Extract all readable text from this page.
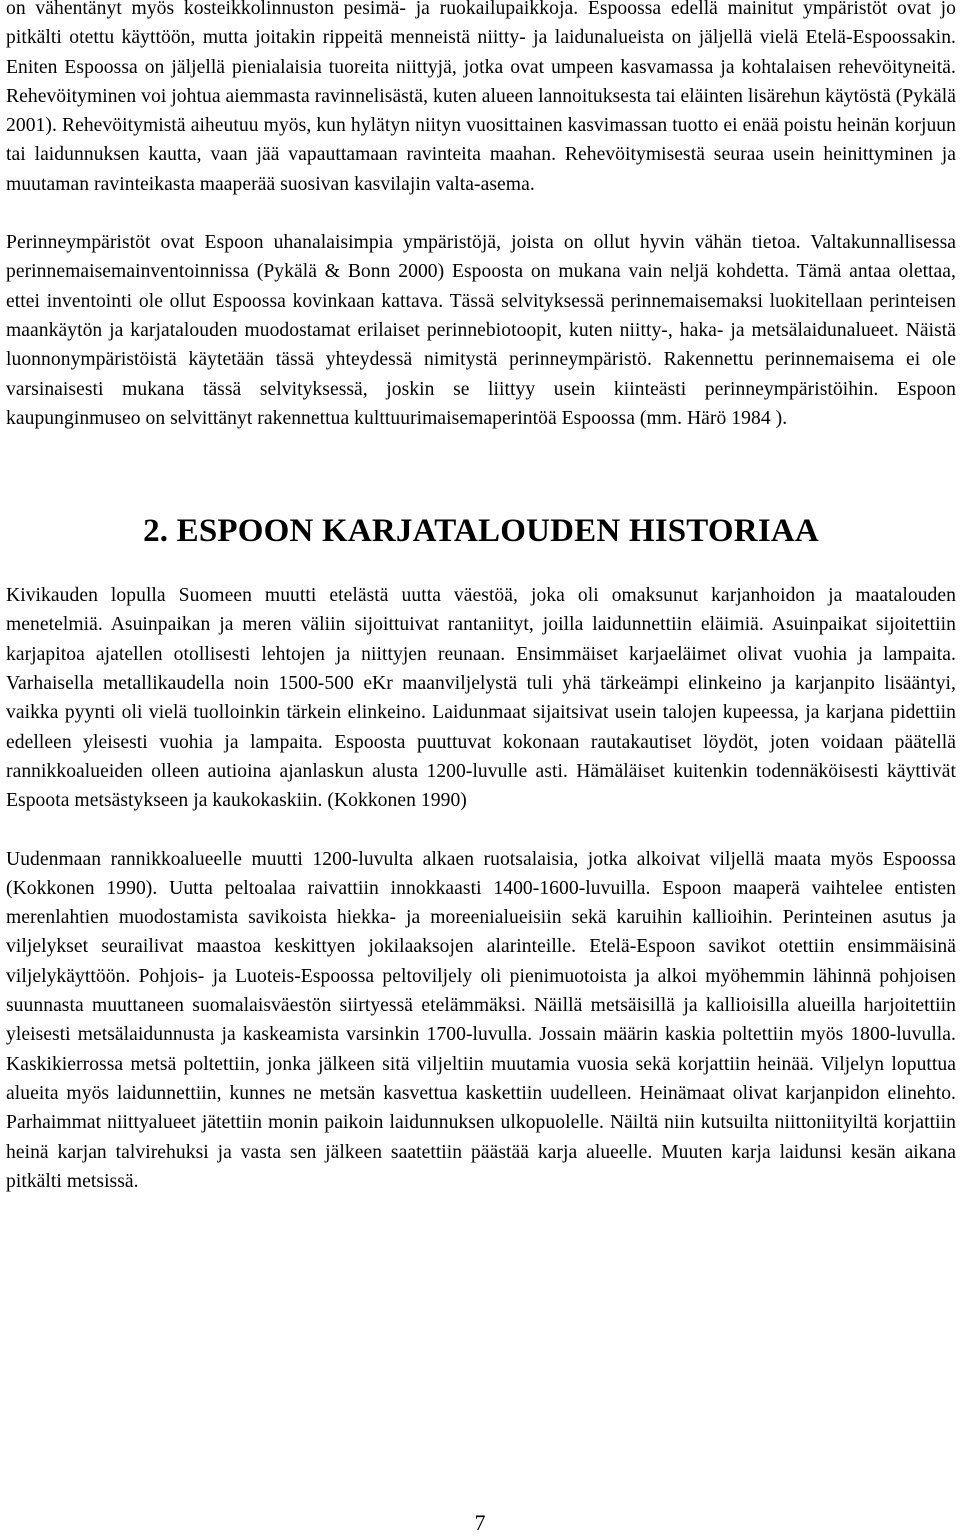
on vähentänyt myös kosteikkolinnuston pesimä- ja ruokailupaikkoja. Espoossa edellä mainitut ympäristöt ovat jo pitkälti otettu käyttöön, mutta joitakin rippeitä menneistä niitty- ja laidunalueista on jäljellä vielä Etelä-Espoossakin. Eniten Espoossa on jäljellä pienialaisia tuoreita niittyjä, jotka ovat umpeen kasvamassa ja kohtalaisen rehevöityneitä. Rehevöityminen voi johtua aiemmasta ravinnelisästä, kuten alueen lannoituksesta tai eläinten lisärehun käytöstä (Pykälä 2001). Rehevöitymistä aiheutuu myös, kun hylätyn niityn vuosittainen kasvimassan tuotto ei enää poistu heinän korjuun tai laidunnuksen kautta, vaan jää vapauttamaan ravinteita maahan. Rehevöitymisestä seuraa usein heinittyminen ja muutaman ravinteikasta maaperää suosivan kasvilajin valta-asema.

Perinneympäristöt ovat Espoon uhanalaisimpia ympäristöjä, joista on ollut hyvin vähän tietoa. Valtakunnallisessa perinnemaisemainventoinnissa (Pykälä & Bonn 2000) Espoosta on mukana vain neljä kohdetta. Tämä antaa olettaa, ettei inventointi ole ollut Espoossa kovinkaan kattava. Tässä selvityksessä perinnemaisemaksi luokitellaan perinteisen maankäytön ja karjatalouden muodostamat erilaiset perinnebiotoopit, kuten niitty-, haka- ja metsälaidunalueet. Näistä luonnonympäristöistä käytetään tässä yhteydessä nimitystä perinneympäristö. Rakennettu perinnemaisema ei ole varsinaisesti mukana tässä selvityksessä, joskin se liittyy usein kiinteästi perinneympäristöihin. Espoon kaupunginmuseo on selvittänyt rakennettua kulttuurimaisemaperintöä Espoossa (mm. Härö 1984 ).

2. ESPOON KARJATALOUDEN HISTORIAA

Kivikauden lopulla Suomeen muutti etelästä uutta väestöä, joka oli omaksunut karjanhoidon ja maatalouden menetelmiä. Asuinpaikan ja meren väliin sijoittuivat rantaniityt, joilla laidunnettiin eläimiä. Asuinpaikat sijoitettiin karjapitoa ajatellen otollisesti lehtojen ja niittyjen reunaan. Ensimmäiset karjaeläimet olivat vuohia ja lampaita. Varhaisella metallikaudella noin 1500-500 eKr maanviljelystä tuli yhä tärkeämpi elinkeino ja karjanpito lisääntyi, vaikka pyynti oli vielä tuolloinkin tärkein elinkeino. Laidunmaat sijaitsivat usein talojen kupeessa, ja karjana pidettiin edelleen yleisesti vuohia ja lampaita. Espoosta puuttuvat kokonaan rautakautiset löydöt, joten voidaan päätellä rannikkoalueiden olleen autioina ajanlaskun alusta 1200-luvulle asti. Hämäläiset kuitenkin todennäköisesti käyttivät Espoota metsästykseen ja kaukokaskiin. (Kokkonen 1990)

Uudenmaan rannikkoalueelle muutti 1200-luvulta alkaen ruotsalaisia, jotka alkoivat viljellä maata myös Espoossa (Kokkonen 1990). Uutta peltoalaa raivattiin innokkaasti 1400-1600-luvuilla. Espoon maaperä vaihtelee entisten merenlahtien muodostamista savikoista hiekka- ja moreenialueisiin sekä karuihin kallioihin. Perinteinen asutus ja viljelykset seurailivat maastoa keskittyen jokilaaksojen alarinteille. Etelä-Espoon savikot otettiin ensimmäisinä viljelykäyttöön. Pohjois- ja Luoteis-Espoossa peltoviljely oli pienimuotoista ja alkoi myöhemmin lähinnä pohjoisen suunnasta muuttaneen suomalaisväestön siirtyessä etelämmäksi. Näillä metsäisillä ja kallioisilla alueilla harjoitettiin yleisesti metsälaidunnusta ja kaskeamista varsinkin 1700-luvulla. Jossain määrin kaskia poltettiin myös 1800-luvulla. Kaskikierrossa metsä poltettiin, jonka jälkeen sitä viljeltiin muutamia vuosia sekä korjattiin heinää. Viljelyn loputtua alueita myös laidunnettiin, kunnes ne metsän kasvettua kaskettiin uudelleen. Heinämaat olivat karjanpidon elinehto. Parhaimmat niittyalueet jätettiin monin paikoin laidunnuksen ulkopuolelle. Näiltä niin kutsuilta niittoniityiltä korjattiin heinä karjan talvirehuksi ja vasta sen jälkeen saatettiin päästää karja alueelle. Muuten karja laidunsi kesän aikana pitkälti metsissä.

7
